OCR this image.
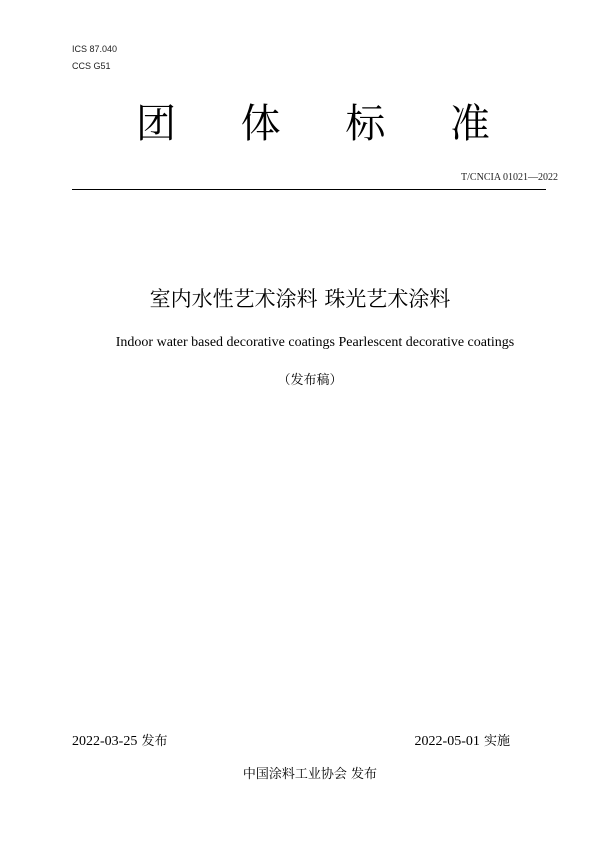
ICS 87.040
CCS G51
团 体 标 准
T/CNCIA 01021—2022
室内水性艺术涂料 珠光艺术涂料
Indoor water based decorative coatings Pearlescent decorative coatings
（发布稿）
2022-03-25 发布	2022-05-01 实施
中国涂料工业协会 发布
